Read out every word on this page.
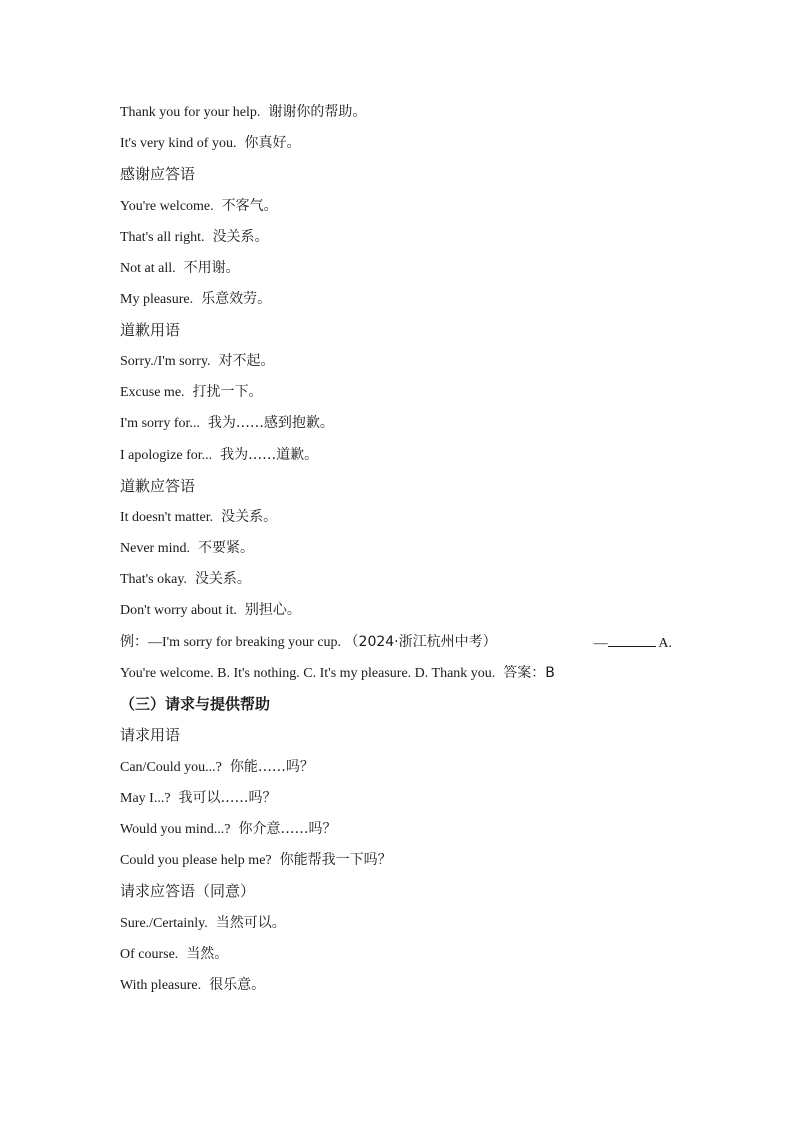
Thank you for your help. 谢谢你的帮助。
It's very kind of you. 你真好。
感谢应答语
You're welcome. 不客气。
That's all right. 没关系。
Not at all. 不用谢。
My pleasure. 乐意效劳。
道歉用语
Sorry./I'm sorry. 对不起。
Excuse me. 打扰一下。
I'm sorry for... 我为……感到抱歉。
I apologize for... 我为……道歉。
道歉应答语
It doesn't matter. 没关系。
Never mind. 不要紧。
That's okay. 没关系。
Don't worry about it. 别担心。
例：—I'm sorry for breaking your cup. （2024·浙江杭州中考）	—	A.
You're welcome. B. It's nothing. C. It's my pleasure. D. Thank you. 答案：B
（三）请求与提供帮助
请求用语
Can/Could you...? 你能……吗？
May I...? 我可以……吗？
Would you mind...? 你介意……吗？
Could you please help me? 你能帮我一下吗？
请求应答语（同意）
Sure./Certainly. 当然可以。
Of course. 当然。
With pleasure. 很乐意。
